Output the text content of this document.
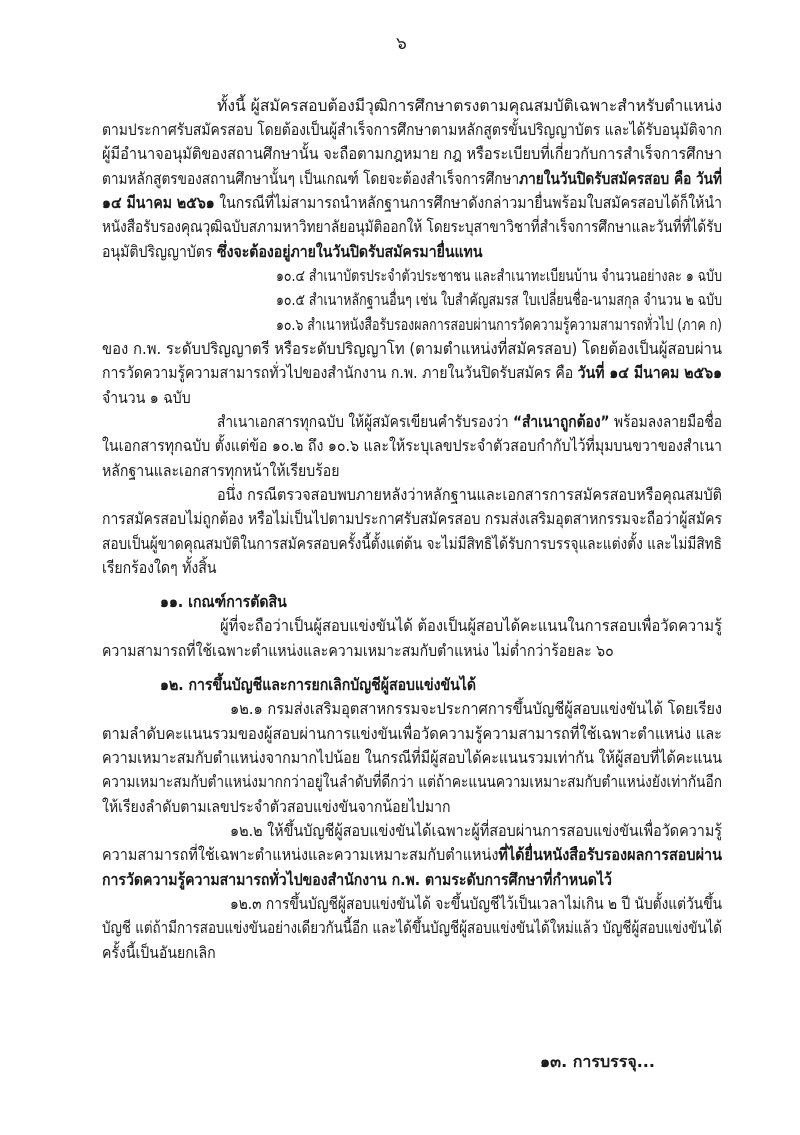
๖
ทั้งนี้ ผู้สมัครสอบต้องมีวุฒิการศึกษาตรงตามคุณสมบัติเฉพาะสำหรับตำแหน่ง
ตามประกาศรับสมัครสอบ โดยต้องเป็นผู้สำเร็จการศึกษาตามหลักสูตรขั้นปริญญาบัตร และได้รับอนุมัติจาก
ผู้มีอำนาจอนุมัติของสถานศึกษานั้น จะถือตามกฎหมาย กฎ หรือระเบียบที่เกี่ยวกับการสำเร็จการศึกษา
ตามหลักสูตรของสถานศึกษานั้นๆ เป็นเกณฑ์ โดยจะต้องสำเร็จการศึกษาภายในวันปิดรับสมัครสอบ คือ วันที่
๑๔ มีนาคม ๒๕๖๑ ในกรณีที่ไม่สามารถนำหลักฐานการศึกษาดังกล่าวมายื่นพร้อมใบสมัครสอบได้ก็ให้นำ
หนังสือรับรองคุณวุฒิฉบับสภามหาวิทยาลัยอนุมัติออกให้ โดยระบุสาขาวิชาที่สำเร็จการศึกษาและวันที่ที่ได้รับ
อนุมัติปริญญาบัตร ซึ่งจะต้องอยู่ภายในวันปิดรับสมัครมายื่นแทน
๑๐.๔ สำเนาบัตรประจำตัวประชาชน และสำเนาทะเบียนบ้าน จำนวนอย่างละ ๑ ฉบับ
๑๐.๕ สำเนาหลักฐานอื่นๆ เช่น ใบสำคัญสมรส ใบเปลี่ยนชื่อ-นามสกุล จำนวน ๒ ฉบับ
๑๐.๖ สำเนาหนังสือรับรองผลการสอบผ่านการวัดความรู้ความสามารถทั่วไป (ภาค ก)
ของ ก.พ. ระดับปริญญาตรี หรือระดับปริญญาโท (ตามตำแหน่งที่สมัครสอบ) โดยต้องเป็นผู้สอบผ่าน
การวัดความรู้ความสามารถทั่วไปของสำนักงาน ก.พ. ภายในวันปิดรับสมัคร คือ วันที่ ๑๔ มีนาคม ๒๕๖๑
จำนวน ๑ ฉบับ
สำเนาเอกสารทุกฉบับ ให้ผู้สมัครเขียนคำรับรองว่า “สำเนาถูกต้อง” พร้อมลงลายมือชื่อ
ในเอกสารทุกฉบับ ตั้งแต่ข้อ ๑๐.๒ ถึง ๑๐.๖ และให้ระบุเลขประจำตัวสอบกำกับไว้ที่มุมบนขวาของสำเนา
หลักฐานและเอกสารทุกหน้าให้เรียบร้อย
อนึ่ง กรณีตรวจสอบพบภายหลังว่าหลักฐานและเอกสารการสมัครสอบหรือคุณสมบัติ
การสมัครสอบไม่ถูกต้อง หรือไม่เป็นไปตามประกาศรับสมัครสอบ กรมส่งเสริมอุตสาหกรรมจะถือว่าผู้สมัคร
สอบเป็นผู้ขาดคุณสมบัติในการสมัครสอบครั้งนี้ตั้งแต่ต้น จะไม่มีสิทธิได้รับการบรรจุและแต่งตั้ง และไม่มีสิทธิ
เรียกร้องใดๆ ทั้งสิ้น
๑๑. เกณฑ์การตัดสิน
ผู้ที่จะถือว่าเป็นผู้สอบแข่งขันได้ ต้องเป็นผู้สอบได้คะแนนในการสอบเพื่อวัดความรู้
ความสามารถที่ใช้เฉพาะตำแหน่งและความเหมาะสมกับตำแหน่ง ไม่ต่ำกว่าร้อยละ ๖๐
๑๒. การขึ้นบัญชีและการยกเลิกบัญชีผู้สอบแข่งขันได้
๑๒.๑ กรมส่งเสริมอุตสาหกรรมจะประกาศการขึ้นบัญชีผู้สอบแข่งขันได้ โดยเรียง
ตามลำดับคะแนนรวมของผู้สอบผ่านการแข่งขันเพื่อวัดความรู้ความสามารถที่ใช้เฉพาะตำแหน่ง และ
ความเหมาะสมกับตำแหน่งจากมากไปน้อย ในกรณีที่มีผู้สอบได้คะแนนรวมเท่ากัน ให้ผู้สอบที่ได้คะแนน
ความเหมาะสมกับตำแหน่งมากกว่าอยู่ในลำดับที่ดีกว่า แต่ถ้าคะแนนความเหมาะสมกับตำแหน่งยังเท่ากันอีก
ให้เรียงลำดับตามเลขประจำตัวสอบแข่งขันจากน้อยไปมาก
๑๒.๒ ให้ขึ้นบัญชีผู้สอบแข่งขันได้เฉพาะผู้ที่สอบผ่านการสอบแข่งขันเพื่อวัดความรู้
ความสามารถที่ใช้เฉพาะตำแหน่งและความเหมาะสมกับตำแหน่งที่ได้ยื่นหนังสือรับรองผลการสอบผ่าน
การวัดความรู้ความสามารถทั่วไปของสำนักงาน ก.พ. ตามระดับการศึกษาที่กำหนดไว้
๑๒.๓ การขึ้นบัญชีผู้สอบแข่งขันได้ จะขึ้นบัญชีไว้เป็นเวลาไม่เกิน ๒ ปี นับตั้งแต่วันขึ้น
บัญชี แต่ถ้ามีการสอบแข่งขันอย่างเดียวกันนี้อีก และได้ขึ้นบัญชีผู้สอบแข่งขันได้ใหม่แล้ว บัญชีผู้สอบแข่งขันได้
ครั้งนี้เป็นอันยกเลิก
๑๓. การบรรจุ...
